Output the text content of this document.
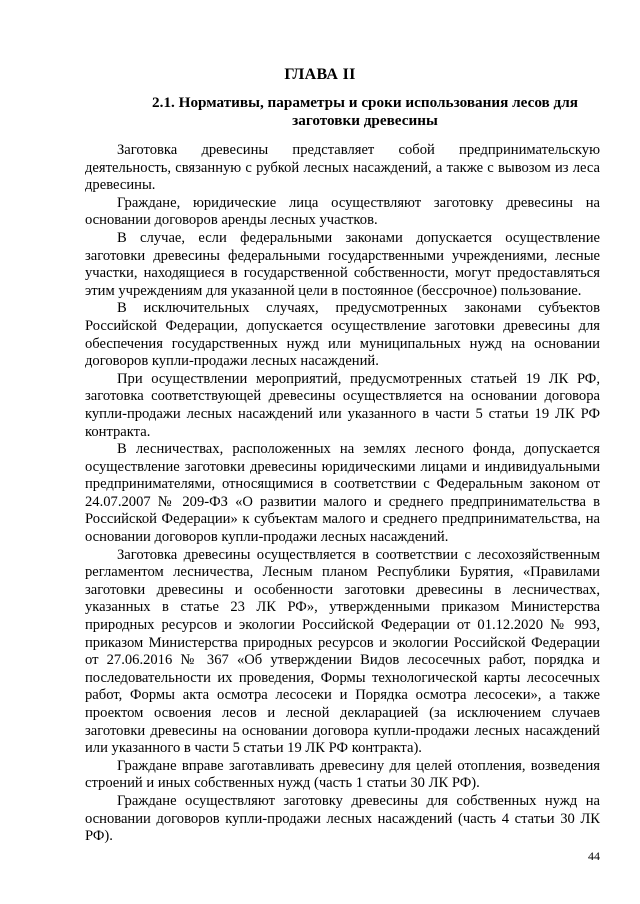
ГЛАВА II
2.1. Нормативы, параметры и сроки использования лесов для заготовки древесины

Заготовка древесины представляет собой предпринимательскую деятельность, связанную с рубкой лесных насаждений, а также с вывозом из леса древесины.

Граждане, юридические лица осуществляют заготовку древесины на основании договоров аренды лесных участков.

В случае, если федеральными законами допускается осуществление заготовки древесины федеральными государственными учреждениями, лесные участки, находящиеся в государственной собственности, могут предоставляться этим учреждениям для указанной цели в постоянное (бессрочное) пользование.

В исключительных случаях, предусмотренных законами субъектов Российской Федерации, допускается осуществление заготовки древесины для обеспечения государственных нужд или муниципальных нужд на основании договоров купли-продажи лесных насаждений.

При осуществлении мероприятий, предусмотренных статьей 19 ЛК РФ, заготовка соответствующей древесины осуществляется на основании договора купли-продажи лесных насаждений или указанного в части 5 статьи 19 ЛК РФ контракта.

В лесничествах, расположенных на землях лесного фонда, допускается осуществление заготовки древесины юридическими лицами и индивидуальными предпринимателями, относящимися в соответствии с Федеральным законом от 24.07.2007 № 209-ФЗ «О развитии малого и среднего предпринимательства в Российской Федерации» к субъектам малого и среднего предпринимательства, на основании договоров купли-продажи лесных насаждений.

Заготовка древесины осуществляется в соответствии с лесохозяйственным регламентом лесничества, Лесным планом Республики Бурятия, «Правилами заготовки древесины и особенности заготовки древесины в лесничествах, указанных в статье 23 ЛК РФ», утвержденными приказом Министерства природных ресурсов и экологии Российской Федерации от 01.12.2020 № 993, приказом Министерства природных ресурсов и экологии Российской Федерации от 27.06.2016 № 367 «Об утверждении Видов лесосечных работ, порядка и последовательности их проведения, Формы технологической карты лесосечных работ, Формы акта осмотра лесосеки и Порядка осмотра лесосеки», а также проектом освоения лесов и лесной декларацией (за исключением случаев заготовки древесины на основании договора купли-продажи лесных насаждений или указанного в части 5 статьи 19 ЛК РФ контракта).

Граждане вправе заготавливать древесину для целей отопления, возведения строений и иных собственных нужд (часть 1 статьи 30 ЛК РФ).

Граждане осуществляют заготовку древесины для собственных нужд на основании договоров купли-продажи лесных насаждений (часть 4 статьи 30 ЛК РФ).

44
